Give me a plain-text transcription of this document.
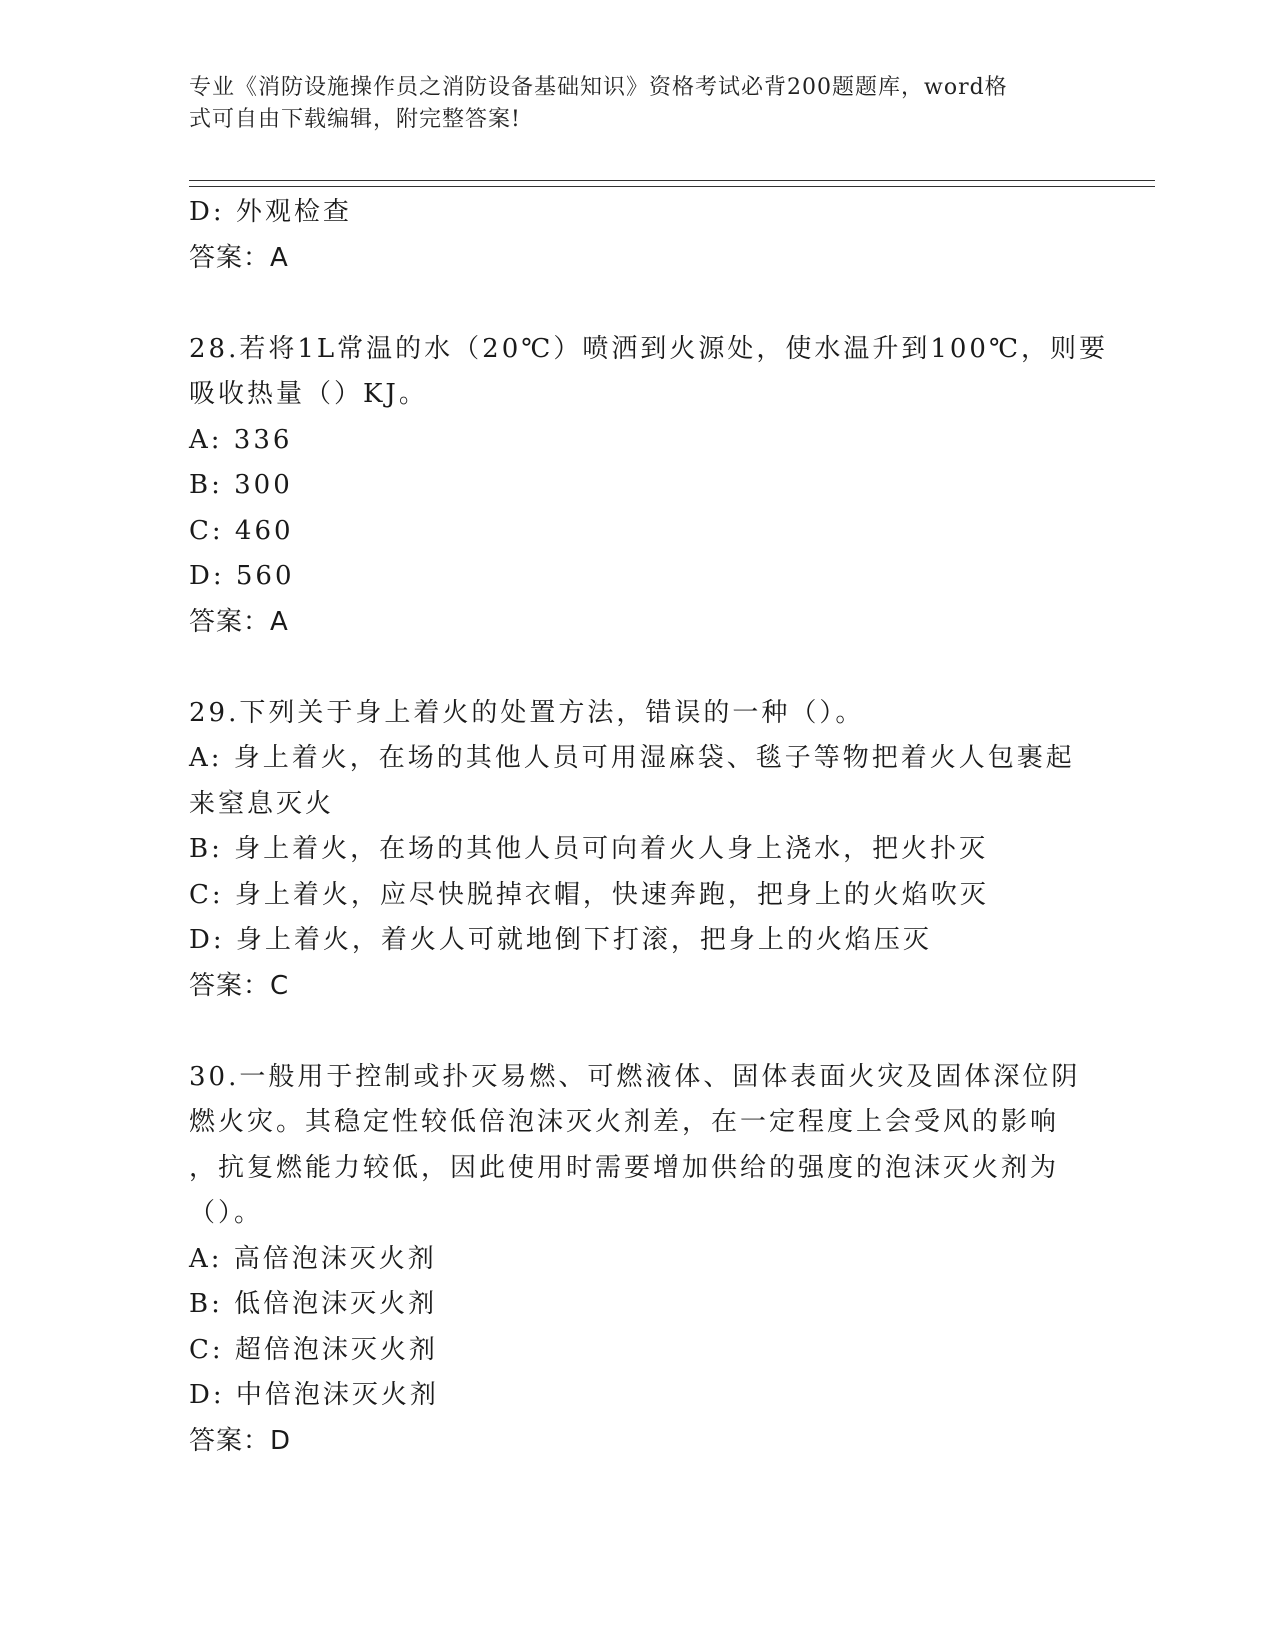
专业《消防设施操作员之消防设备基础知识》资格考试必背200题题库，word格
式可自由下载编辑，附完整答案!
D: 外观检查
答案：A
28.若将1L常温的水（20℃）喷洒到火源处，使水温升到100℃，则要
吸收热量（）KJ。
A: 336
B: 300
C: 460
D: 560
答案：A
29.下列关于身上着火的处置方法，错误的一种（）。
A: 身上着火，在场的其他人员可用湿麻袋、毯子等物把着火人包裹起
来窒息灭火
B: 身上着火，在场的其他人员可向着火人身上浇水，把火扑灭
C: 身上着火，应尽快脱掉衣帽，快速奔跑，把身上的火焰吹灭
D: 身上着火，着火人可就地倒下打滚，把身上的火焰压灭
答案：C
30.一般用于控制或扑灭易燃、可燃液体、固体表面火灾及固体深位阴
燃火灾。其稳定性较低倍泡沫灭火剂差，在一定程度上会受风的影响
，抗复燃能力较低，因此使用时需要增加供给的强度的泡沫灭火剂为
（）。
A: 高倍泡沫灭火剂
B: 低倍泡沫灭火剂
C: 超倍泡沫灭火剂
D: 中倍泡沫灭火剂
答案：D
